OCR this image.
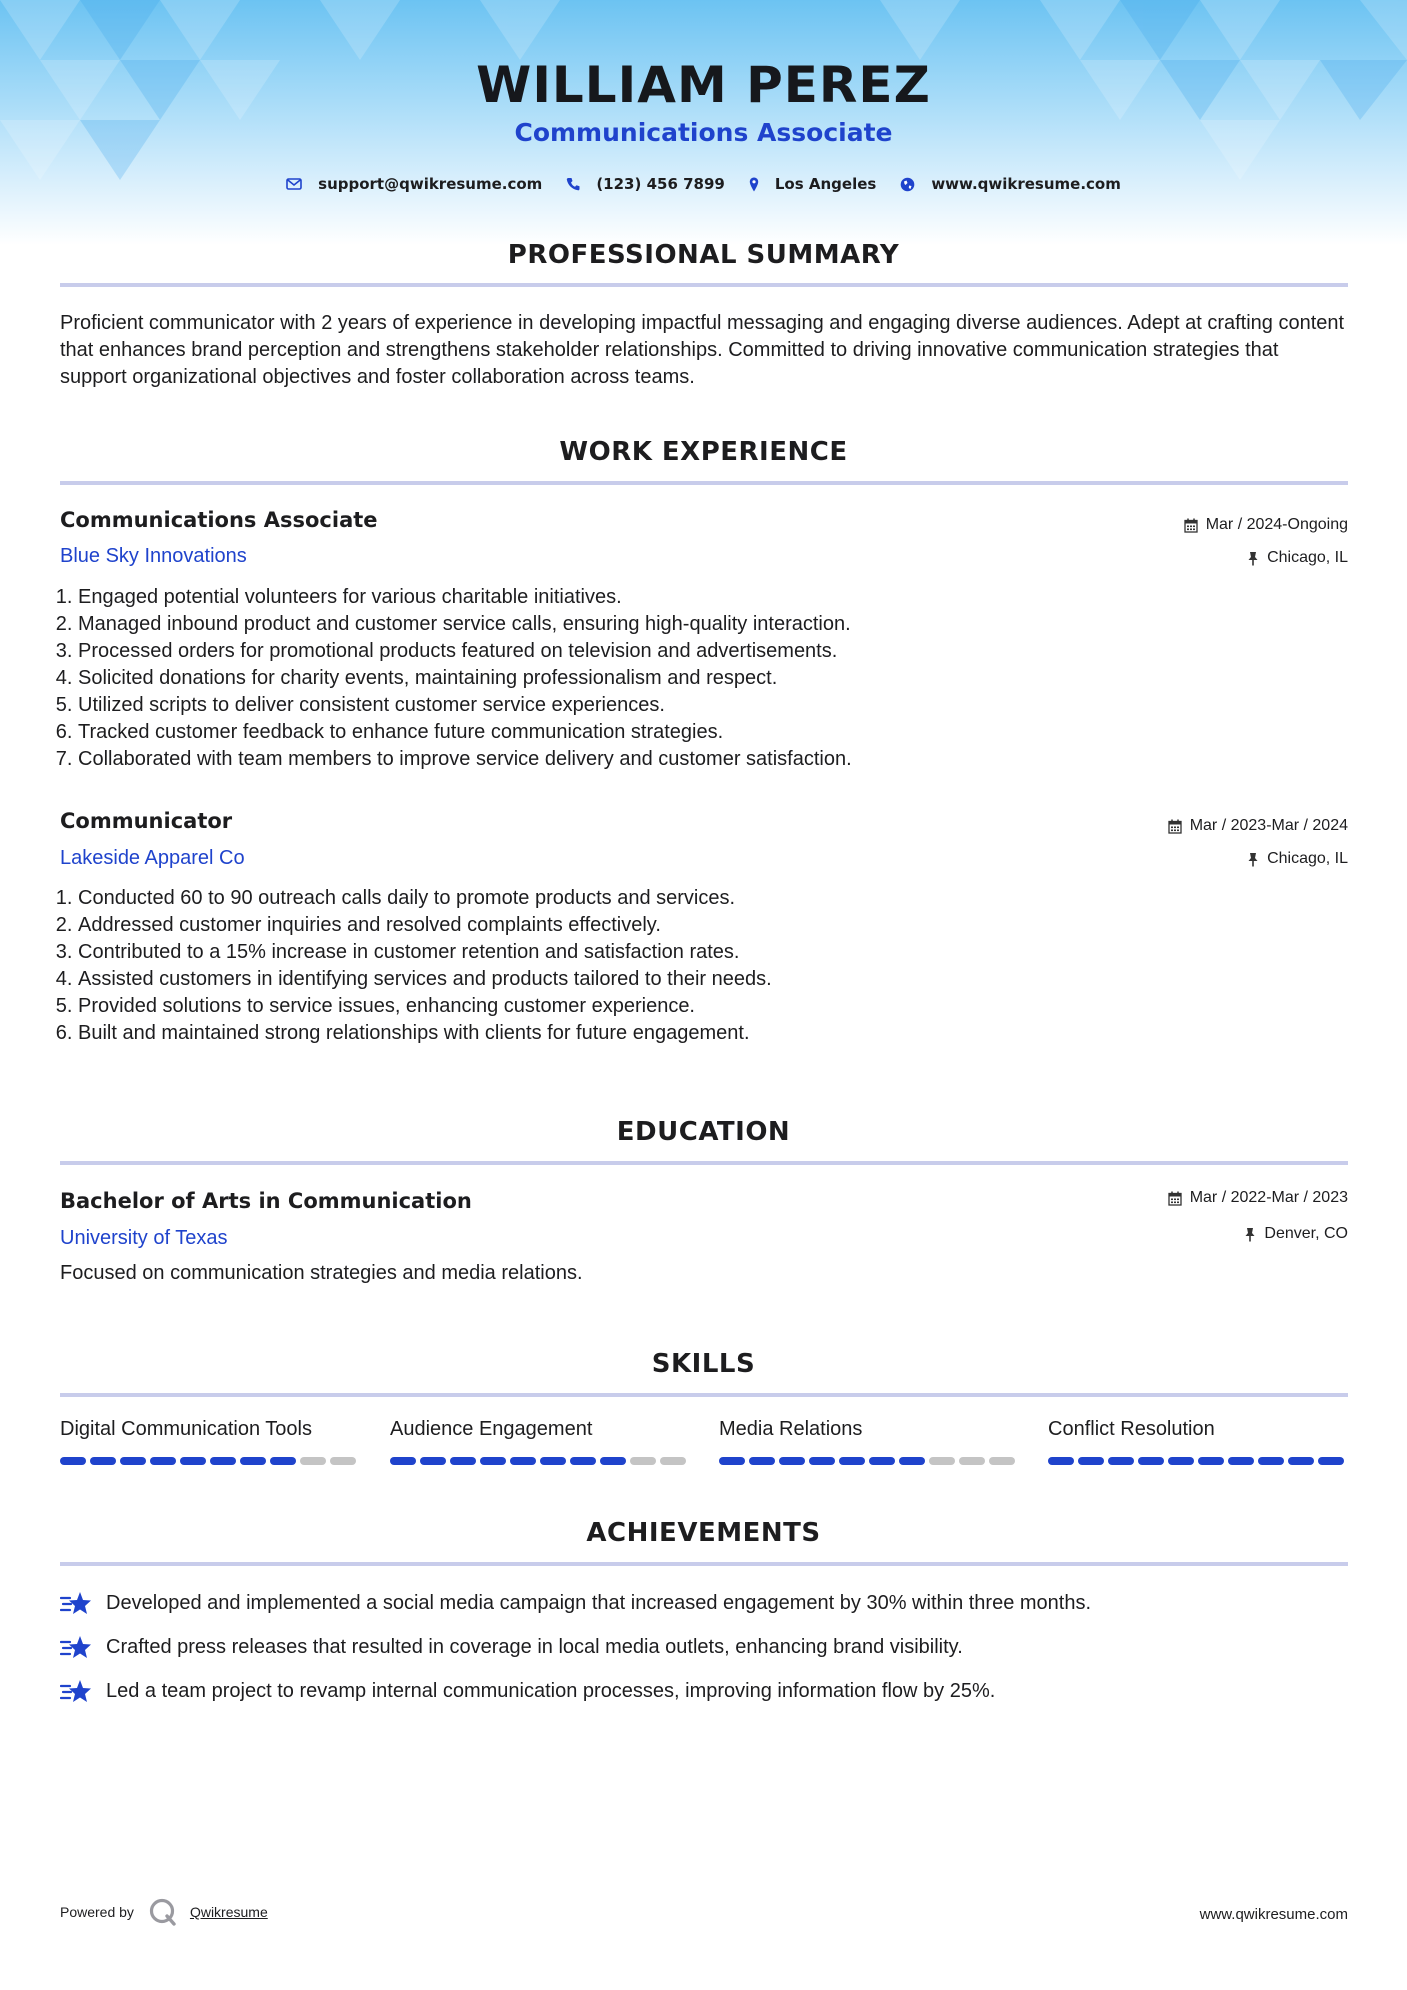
WILLIAM PEREZ
Communications Associate
support@qwikresume.com	(123) 456 7899	Los Angeles	www.qwikresume.com
PROFESSIONAL SUMMARY
Proficient communicator with 2 years of experience in developing impactful messaging and engaging diverse audiences. Adept at crafting content that enhances brand perception and strengthens stakeholder relationships. Committed to driving innovative communication strategies that support organizational objectives and foster collaboration across teams.
WORK EXPERIENCE
Communications Associate
Blue Sky Innovations
Mar / 2024-Ongoing
Chicago, IL
1. Engaged potential volunteers for various charitable initiatives.
2. Managed inbound product and customer service calls, ensuring high-quality interaction.
3. Processed orders for promotional products featured on television and advertisements.
4. Solicited donations for charity events, maintaining professionalism and respect.
5. Utilized scripts to deliver consistent customer service experiences.
6. Tracked customer feedback to enhance future communication strategies.
7. Collaborated with team members to improve service delivery and customer satisfaction.
Communicator
Lakeside Apparel Co
Mar / 2023-Mar / 2024
Chicago, IL
1. Conducted 60 to 90 outreach calls daily to promote products and services.
2. Addressed customer inquiries and resolved complaints effectively.
3. Contributed to a 15% increase in customer retention and satisfaction rates.
4. Assisted customers in identifying services and products tailored to their needs.
5. Provided solutions to service issues, enhancing customer experience.
6. Built and maintained strong relationships with clients for future engagement.
EDUCATION
Bachelor of Arts in Communication
University of Texas
Mar / 2022-Mar / 2023
Denver, CO
Focused on communication strategies and media relations.
SKILLS
Digital Communication Tools	Audience Engagement	Media Relations	Conflict Resolution
ACHIEVEMENTS
Developed and implemented a social media campaign that increased engagement by 30% within three months.
Crafted press releases that resulted in coverage in local media outlets, enhancing brand visibility.
Led a team project to revamp internal communication processes, improving information flow by 25%.
Powered by	Qwikresume	www.qwikresume.com
